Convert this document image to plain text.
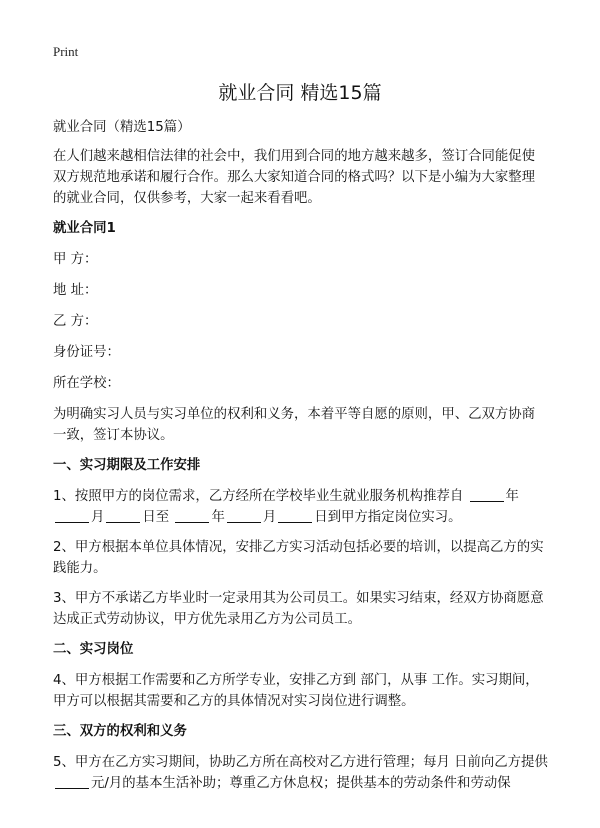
Print
就业合同 精选15篇

就业合同（精选15篇）

在人们越来越相信法律的社会中，我们用到合同的地方越来越多，签订合同能促使双方规范地承诺和履行合作。那么大家知道合同的格式吗？以下是小编为大家整理的就业合同，仅供参考，大家一起来看看吧。

就业合同1

甲 方：

地 址：

乙 方：

身份证号：

所在学校：

为明确实习人员与实习单位的权利和义务，本着平等自愿的原则，甲、乙双方协商一致，签订本协议。

一、实习期限及工作安排

1、按照甲方的岗位需求，乙方经所在学校毕业生就业服务机构推荐自	年
月	日至	年	月	日到甲方指定岗位实习。

2、甲方根据本单位具体情况，安排乙方实习活动包括必要的培训，以提高乙方的实践能力。

3、甲方不承诺乙方毕业时一定录用其为公司员工。如果实习结束，经双方协商愿意达成正式劳动协议，甲方优先录用乙方为公司员工。

二、实习岗位

4、甲方根据工作需要和乙方所学专业，安排乙方到 部门，从事 工作。实习期间，甲方可以根据其需要和乙方的具体情况对实习岗位进行调整。

三、双方的权利和义务

5、甲方在乙方实习期间，协助乙方所在高校对乙方进行管理；每月 日前向乙方提供 元/月的基本生活补助；尊重乙方休息权；提供基本的劳动条件和劳动保
